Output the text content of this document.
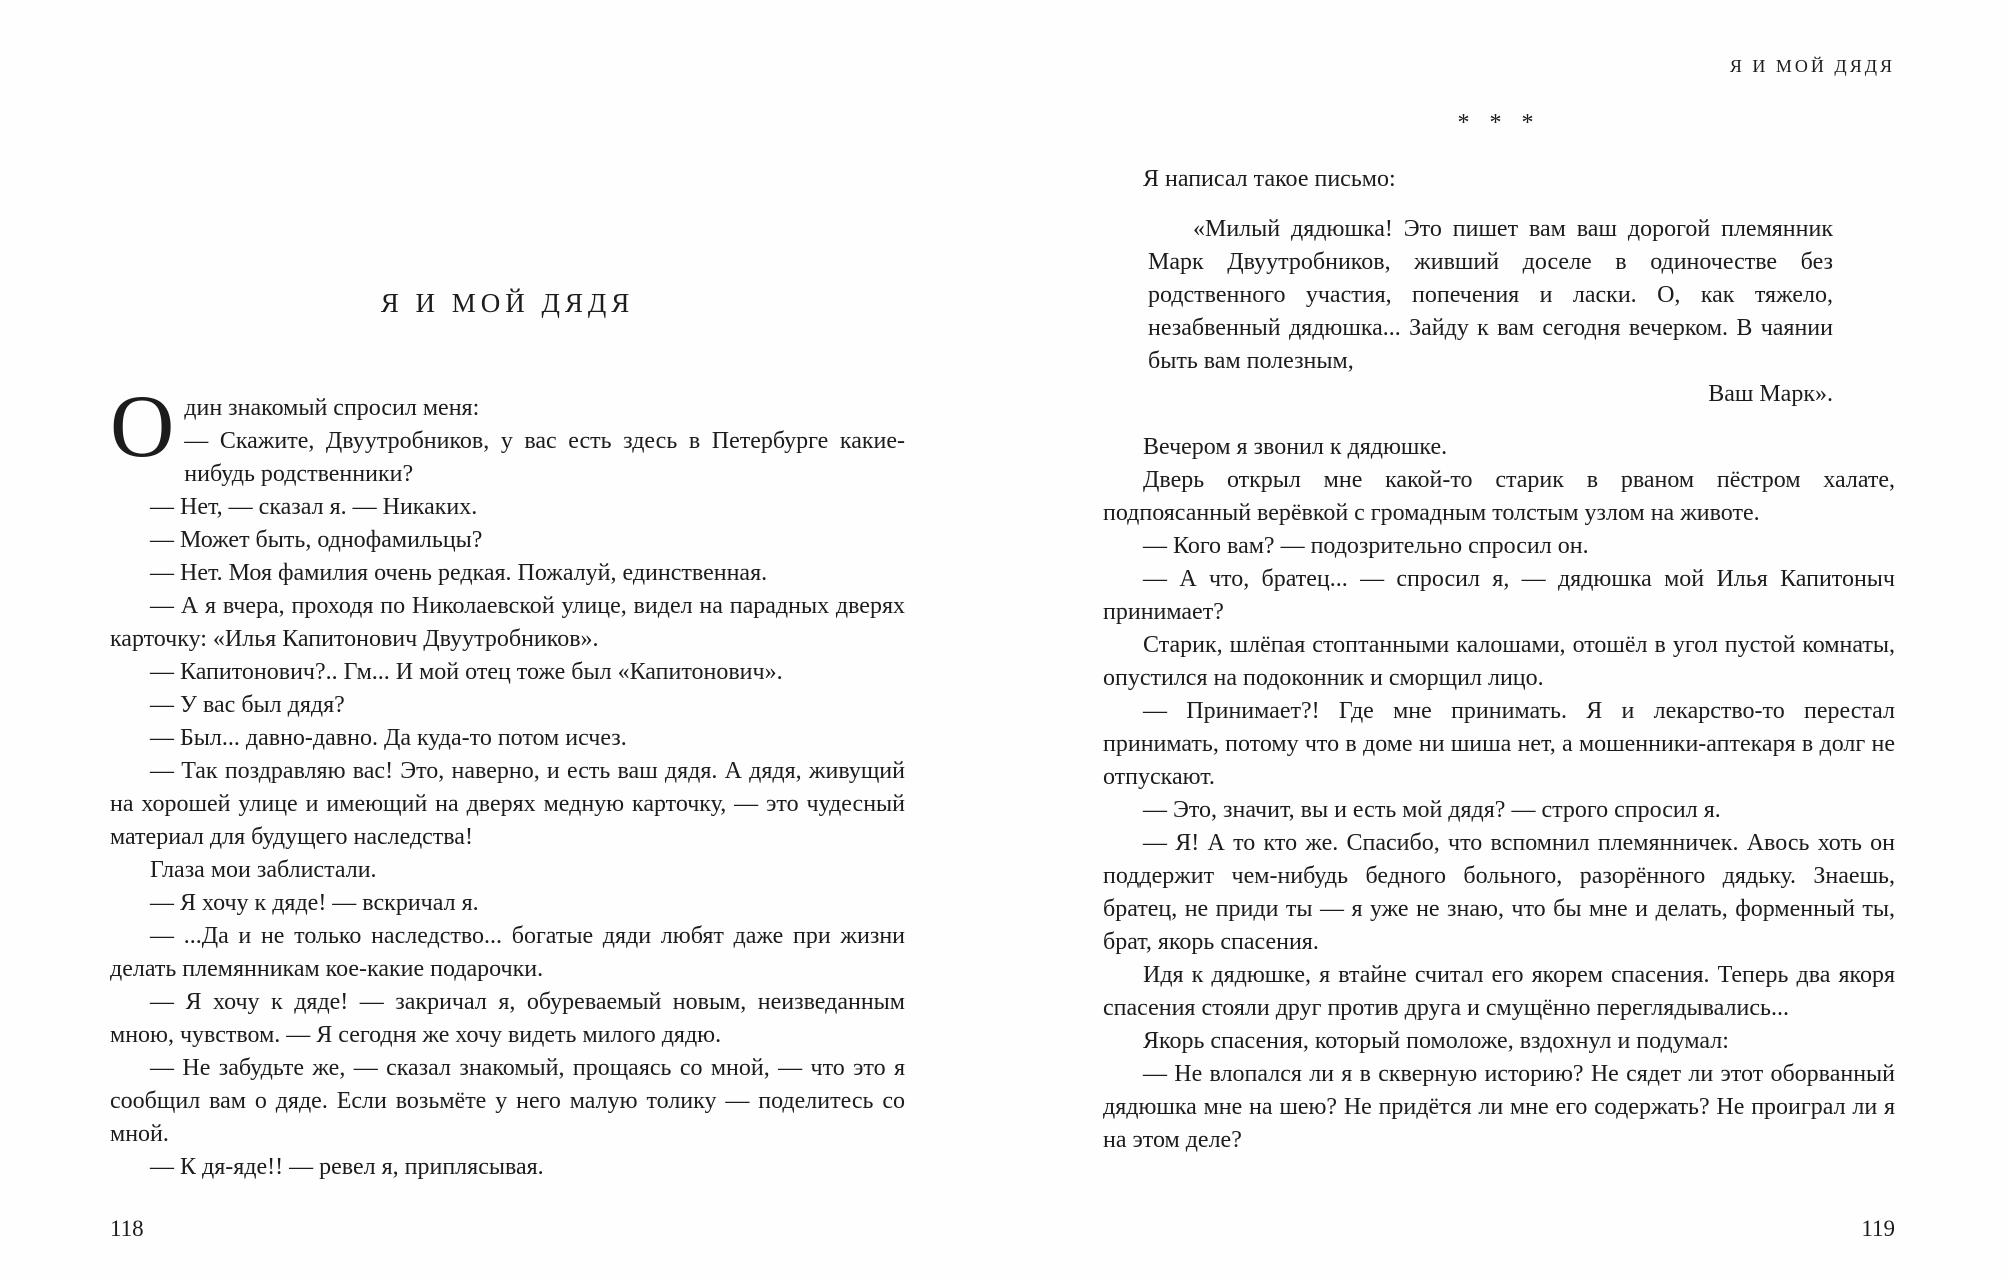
Я И МОЙ ДЯДЯ

Один знакомый спросил меня:

— Скажите, Двуутробников, у вас есть здесь в Петербурге какие-нибудь родственники?

— Нет, — сказал я. — Никаких.

— Может быть, однофамильцы?

— Нет. Моя фамилия очень редкая. Пожалуй, единственная.

— А я вчера, проходя по Николаевской улице, видел на парадных дверях карточку: «Илья Капитонович Двуутробников».

— Капитонович?.. Гм... И мой отец тоже был «Капитонович».

— У вас был дядя?

— Был... давно-давно. Да куда-то потом исчез.

— Так поздравляю вас! Это, наверно, и есть ваш дядя. А дядя, живущий на хорошей улице и имеющий на дверях медную карточку, — это чудесный материал для будущего наследства!

Глаза мои заблистали.

— Я хочу к дяде! — вскричал я.

— ...Да и не только наследство... богатые дяди любят даже при жизни делать племянникам кое-какие подарочки.

— Я хочу к дяде! — закричал я, обуреваемый новым, неизведанным мною, чувством. — Я сегодня же хочу видеть милого дядю.

— Не забудьте же, — сказал знакомый, прощаясь со мной, — что это я сообщил вам о дяде. Если возьмёте у него малую толику — поделитесь со мной.

— К дя-яде!! — ревел я, приплясывая.

118
Я И МОЙ ДЯДЯ
* * *

Я написал такое письмо:

«Милый дядюшка! Это пишет вам ваш дорогой племянник Марк Двуутробников, живший доселе в одиночестве без родственного участия, попечения и ласки. О, как тяжело, незабвенный дядюшка... Зайду к вам сегодня вечерком. В чаянии быть вам полезным,

Ваш Марк».

Вечером я звонил к дядюшке.

Дверь открыл мне какой-то старик в рваном пёстром халате, подпоясанный верёвкой с громадным толстым узлом на животе.

— Кого вам? — подозрительно спросил он.

— А что, братец... — спросил я, — дядюшка мой Илья Капитоныч принимает?

Старик, шлёпая стоптанными калошами, отошёл в угол пустой комнаты, опустился на подоконник и сморщил лицо.

— Принимает?! Где мне принимать. Я и лекарство-то перестал принимать, потому что в доме ни шиша нет, а мошенники-аптекаря в долг не отпускают.

— Это, значит, вы и есть мой дядя? — строго спросил я.

— Я! А то кто же. Спасибо, что вспомнил племянничек. Авось хоть он поддержит чем-нибудь бедного больного, разорённого дядьку. Знаешь, братец, не приди ты — я уже не знаю, что бы мне и делать, форменный ты, брат, якорь спасения.

Идя к дядюшке, я втайне считал его якорем спасения. Теперь два якоря спасения стояли друг против друга и смущённо переглядывались...

Якорь спасения, который помоложе, вздохнул и подумал:

— Не влопался ли я в скверную историю? Не сядет ли этот оборванный дядюшка мне на шею? Не придётся ли мне его содержать? Не проиграл ли я на этом деле?

119
